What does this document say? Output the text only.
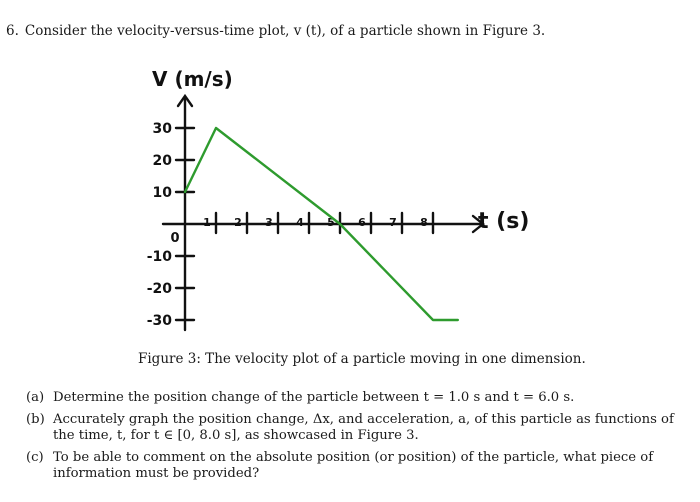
6. Consider the velocity-versus-time plot, v (t), of a particle shown in Figure 3.
0
1 2 3 4 5 6 7 8
30
20
10
-10
-20
-30
V (m/s)
t (s)
Figure 3: The velocity plot of a particle moving in one dimension.
(a) Determine the position change of the particle between t = 1.0 s and t = 6.0 s.
(b) Accurately graph the position change, Δx, and acceleration, a, of this particle as functions of the time, t, for t ∈ [0, 8.0 s], as showcased in Figure 3.
(c) To be able to comment on the absolute position (or position) of the particle, what piece of information must be provided?
